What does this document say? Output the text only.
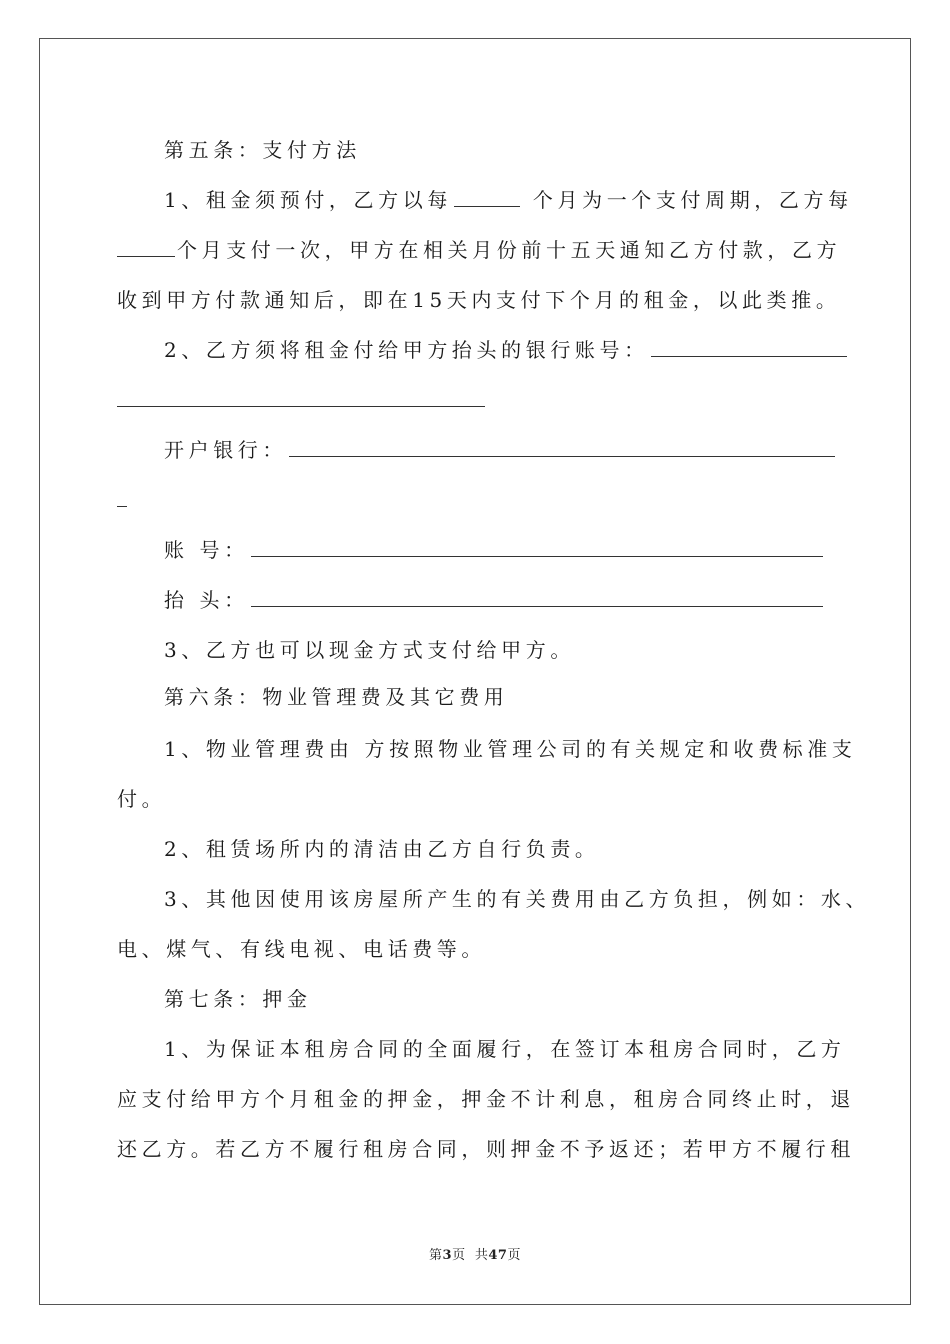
第五条：支付方法
1、租金须预付，乙方以每	个月为一个支付周期，乙方每
个月支付一次，甲方在相关月份前十五天通知乙方付款，乙方
收到甲方付款通知后，即在15天内支付下个月的租金，以此类推。
2、乙方须将租金付给甲方抬头的银行账号：
开户银行：
账 号：
抬 头：
3、乙方也可以现金方式支付给甲方。
第六条：物业管理费及其它费用
1、物业管理费由 方按照物业管理公司的有关规定和收费标准支
付。
2、租赁场所内的清洁由乙方自行负责。
3、其他因使用该房屋所产生的有关费用由乙方负担，例如：水、
电、煤气、有线电视、电话费等。
第七条：押金
1、为保证本租房合同的全面履行，在签订本租房合同时，乙方
应支付给甲方个月租金的押金，押金不计利息，租房合同终止时，退
还乙方。若乙方不履行租房合同，则押金不予返还；若甲方不履行租
第3页  共47页
